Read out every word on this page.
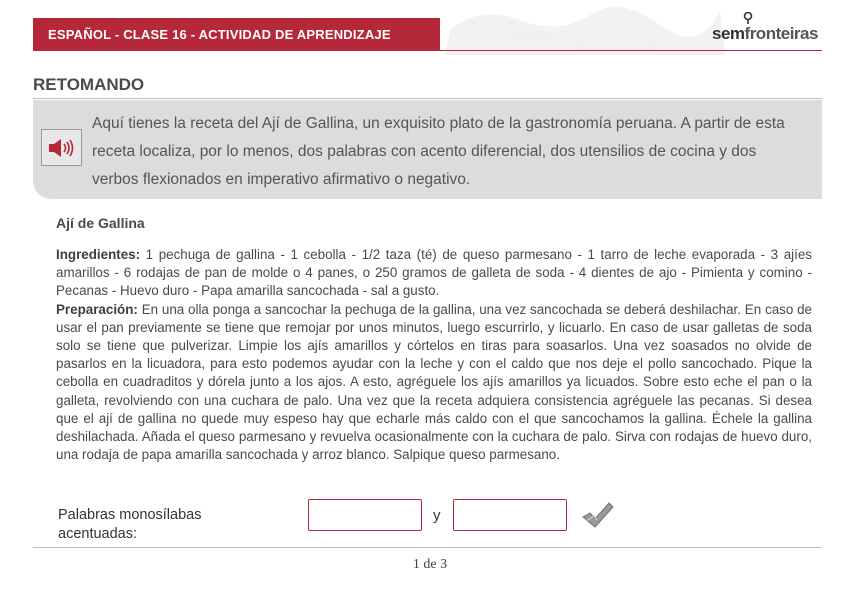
ESPAÑOL - CLASE 16 - ACTIVIDAD DE APRENDIZAJE	sem fronteiras
RETOMANDO
Aquí tienes la receta del Ají de Gallina, un exquisito plato de la gastronomía peruana. A partir de esta receta localiza, por lo menos, dos palabras con acento diferencial, dos utensilios de cocina y dos verbos flexionados en imperativo afirmativo o negativo.
Ají de Gallina

Ingredientes: 1 pechuga de gallina - 1 cebolla - 1/2 taza (té) de queso parmesano - 1 tarro de leche evaporada - 3 ajíes amarillos - 6 rodajas de pan de molde o 4 panes, o 250 gramos de galleta de soda - 4 dientes de ajo - Pimienta y comino - Pecanas - Huevo duro - Papa amarilla sancochada - sal a gusto.

Preparación: En una olla ponga a sancochar la pechuga de la gallina, una vez sancochada se deberá deshilachar. En caso de usar el pan previamente se tiene que remojar por unos minutos, luego escurrirlo, y licuarlo. En caso de usar galletas de soda solo se tiene que pulverizar. Limpie los ajís amarillos y córtelos en tiras para soasarlos. Una vez soasados no olvide de pasarlos en la licuadora, para esto podemos ayudar con la leche y con el caldo que nos deje el pollo sancochado. Pique la cebolla en cuadraditos y dórela junto a los ajos. A esto, agréguele los ajís amarillos ya licuados. Sobre esto eche el pan o la galleta, revolviendo con una cuchara de palo. Una vez que la receta adquiera consistencia agréguele las pecanas. Si desea que el ají de gallina no quede muy espeso hay que echarle más caldo con el que sancochamos la gallina. Échele la gallina deshilachada. Añada el queso parmesano y revuelva ocasionalmente con la cuchara de palo. Sirva con rodajas de huevo duro, una rodaja de papa amarilla sancochada y arroz blanco. Salpique queso parmesano.

Palabras monosílabas acentuadas:
y
1 de 3
